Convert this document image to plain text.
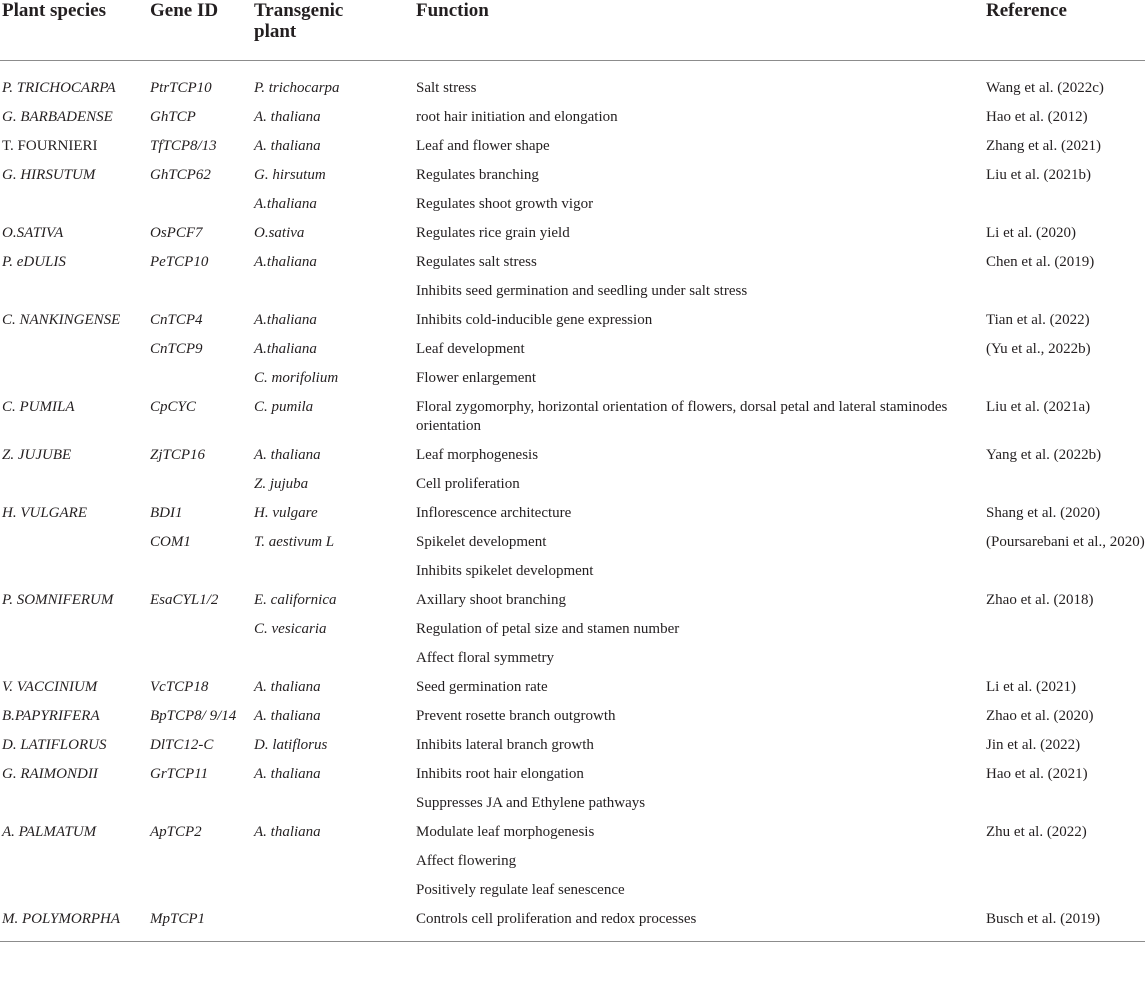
Plant species	Gene ID	Transgenic plant	Function	Reference

P. TRICHOCARPA	PtrTCP10	P. trichocarpa	Salt stress	Wang et al. (2022c)
G. BARBADENSE	GhTCP	A. thaliana	root hair initiation and elongation	Hao et al. (2012)
T. FOURNIERI	TfTCP8/13	A. thaliana	Leaf and flower shape	Zhang et al. (2021)
G. HIRSUTUM	GhTCP62	G. hirsutum	Regulates branching	Liu et al. (2021b)
		A.thaliana	Regulates shoot growth vigor	
O.SATIVA	OsPCF7	O.sativa	Regulates rice grain yield	Li et al. (2020)
P. eDULIS	PeTCP10	A.thaliana	Regulates salt stress	Chen et al. (2019)
			Inhibits seed germination and seedling under salt stress	
C. NANKINGENSE	CnTCP4	A.thaliana	Inhibits cold-inducible gene expression	Tian et al. (2022)
	CnTCP9	A.thaliana	Leaf development	(Yu et al., 2022b)
		C. morifolium	Flower enlargement	
C. PUMILA	CpCYC	C. pumila	Floral zygomorphy, horizontal orientation of flowers, dorsal petal and lateral staminodes orientation	Liu et al. (2021a)
Z. JUJUBE	ZjTCP16	A. thaliana	Leaf morphogenesis	Yang et al. (2022b)
		Z. jujuba	Cell proliferation	
H. VULGARE	BDI1	H. vulgare	Inflorescence architecture	Shang et al. (2020)
	COM1	T. aestivum L	Spikelet development	(Poursarebani et al., 2020)
			Inhibits spikelet development	
P. SOMNIFERUM	EsaCYL1/2	E. californica	Axillary shoot branching	Zhao et al. (2018)
		C. vesicaria	Regulation of petal size and stamen number	
			Affect floral symmetry	
V. VACCINIUM	VcTCP18	A. thaliana	Seed germination rate	Li et al. (2021)
B.PAPYRIFERA	BpTCP8/ 9/14	A. thaliana	Prevent rosette branch outgrowth	Zhao et al. (2020)
D. LATIFLORUS	DlTC12-C	D. latiflorus	Inhibits lateral branch growth	Jin et al. (2022)
G. RAIMONDII	GrTCP11	A. thaliana	Inhibits root hair elongation	Hao et al. (2021)
			Suppresses JA and Ethylene pathways	
A. PALMATUM	ApTCP2	A. thaliana	Modulate leaf morphogenesis	Zhu et al. (2022)
			Affect flowering	
			Positively regulate leaf senescence	
M. POLYMORPHA	MpTCP1		Controls cell proliferation and redox processes	Busch et al. (2019)
